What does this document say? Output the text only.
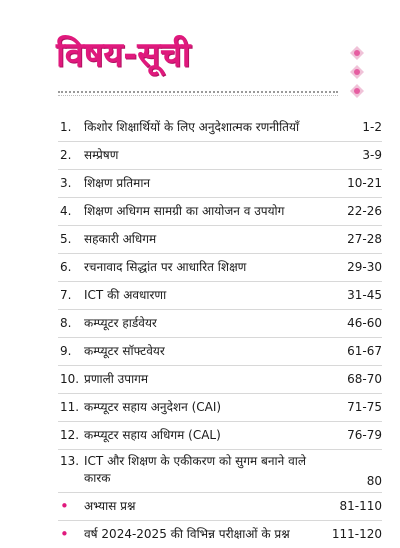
विषय-सूची
1.	किशोर शिक्षार्थियों के लिए अनुदेशात्मक रणनीतियाँ	1-2
2.	सम्प्रेषण	3-9
3.	शिक्षण प्रतिमान	10-21
4.	शिक्षण अधिगम सामग्री का आयोजन व उपयोग	22-26
5.	सहकारी अधिगम	27-28
6.	रचनावाद सिद्धांत पर आधारित शिक्षण	29-30
7.	ICT की अवधारणा	31-45
8.	कम्प्यूटर हार्डवेयर	46-60
9.	कम्प्यूटर सॉफ्टवेयर	61-67
10. प्रणाली उपागम	68-70
11. कम्प्यूटर सहाय अनुदेशन (CAI)	71-75
12. कम्प्यूटर सहाय अधिगम (CAL)	76-79
13. ICT और शिक्षण के एकीकरण को सुगम बनाने वाले कारक	80
•	अभ्यास प्रश्न	81-110
•	वर्ष 2024-2025 की विभिन्न परीक्षाओं के प्रश्न	111-120
